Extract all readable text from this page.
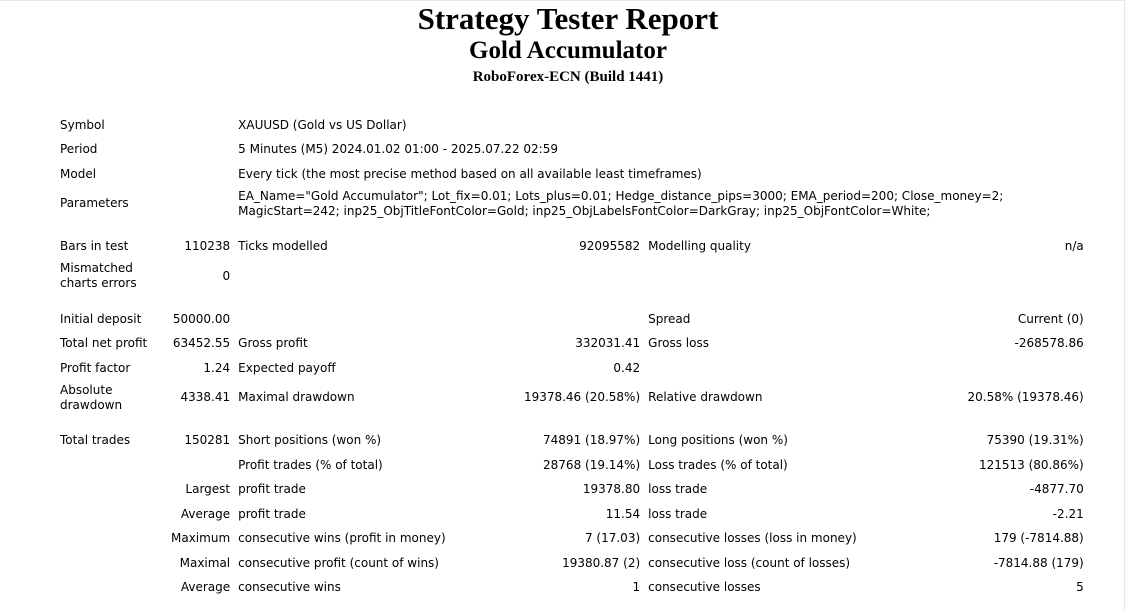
Strategy Tester Report
Gold Accumulator
RoboForex-ECN (Build 1441)
Symbol		XAUUSD (Gold vs US Dollar)			
Period		5 Minutes (M5) 2024.01.02 01:00 - 2025.07.22 02:59			
Model		Every tick (the most precise method based on all available least timeframes)			
Parameters		EA_Name="Gold Accumulator"; Lot_fix=0.01; Lots_plus=0.01; Hedge_distance_pips=3000; EMA_period=200; Close_money=2;
MagicStart=242; inp25_ObjTitleFontColor=Gold; inp25_ObjLabelsFontColor=DarkGray; inp25_ObjFontColor=White;			

Bars in test	110238	Ticks modelled	92095582	Modelling quality	n/a

Mismatched
charts errors	0				

Initial deposit	50000.00			Spread	Current (0)
Total net profit	63452.55	Gross profit	332031.41	Gross loss	-268578.86
Profit factor	1.24	Expected payoff	0.42		

Absolute
drawdown	4338.41	Maximal drawdown	19378.46 (20.58%)	Relative drawdown	20.58% (19378.46)

Total trades	150281	Short positions (won %)	74891 (18.97%)	Long positions (won %)	75390 (19.31%)
		Profit trades (% of total)	28768 (19.14%)	Loss trades (% of total)	121513 (80.86%)
	Largest	profit trade	19378.80	loss trade	-4877.70
	Average	profit trade	11.54	loss trade	-2.21
	Maximum	consecutive wins (profit in money)	7 (17.03)	consecutive losses (loss in money)	179 (-7814.88)
	Maximal	consecutive profit (count of wins)	19380.87 (2)	consecutive loss (count of losses)	-7814.88 (179)
	Average	consecutive wins	1	consecutive losses	5
